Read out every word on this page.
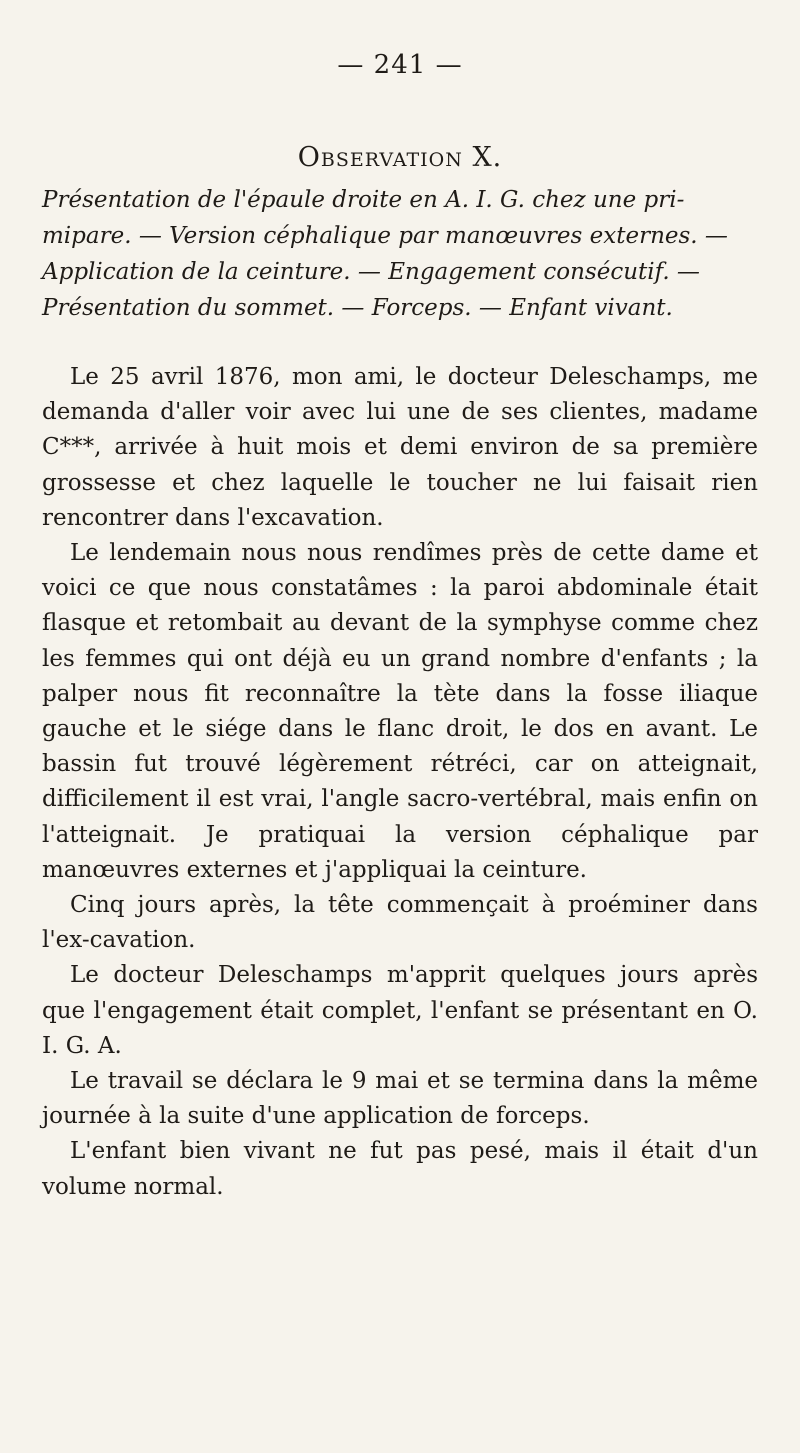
— 241 —
Observation X.
Présentation de l'épaule droite en A. I. G. chez une pri-
mipare. — Version céphalique par manœuvres externes. —
Application de la ceinture. — Engagement consécutif. —
Présentation du sommet. — Forceps. — Enfant vivant.

Le 25 avril 1876, mon ami, le docteur Deleschamps, me demanda d'aller voir avec lui une de ses clientes, madame C***, arrivée à huit mois et demi environ de sa première grossesse et chez laquelle le toucher ne lui faisait rien rencontrer dans l'excavation.

Le lendemain nous nous rendîmes près de cette dame et voici ce que nous constatâmes : la paroi abdominale était flasque et retombait au devant de la symphyse comme chez les femmes qui ont déjà eu un grand nombre d'enfants ; la palper nous fit reconnaître la tète dans la fosse iliaque gauche et le siége dans le flanc droit, le dos en avant. Le bassin fut trouvé légèrement rétréci, car on atteignait, difficilement il est vrai, l'angle sacro-vertébral, mais enfin on l'atteignait. Je pratiquai la version céphalique par manœuvres externes et j'appliquai la ceinture.

Cinq jours après, la tête commençait à proéminer dans l'ex-cavation.

Le docteur Deleschamps m'apprit quelques jours après que l'engagement était complet, l'enfant se présentant en O. I. G. A.

Le travail se déclara le 9 mai et se termina dans la même journée à la suite d'une application de forceps.

L'enfant bien vivant ne fut pas pesé, mais il était d'un volume normal.
